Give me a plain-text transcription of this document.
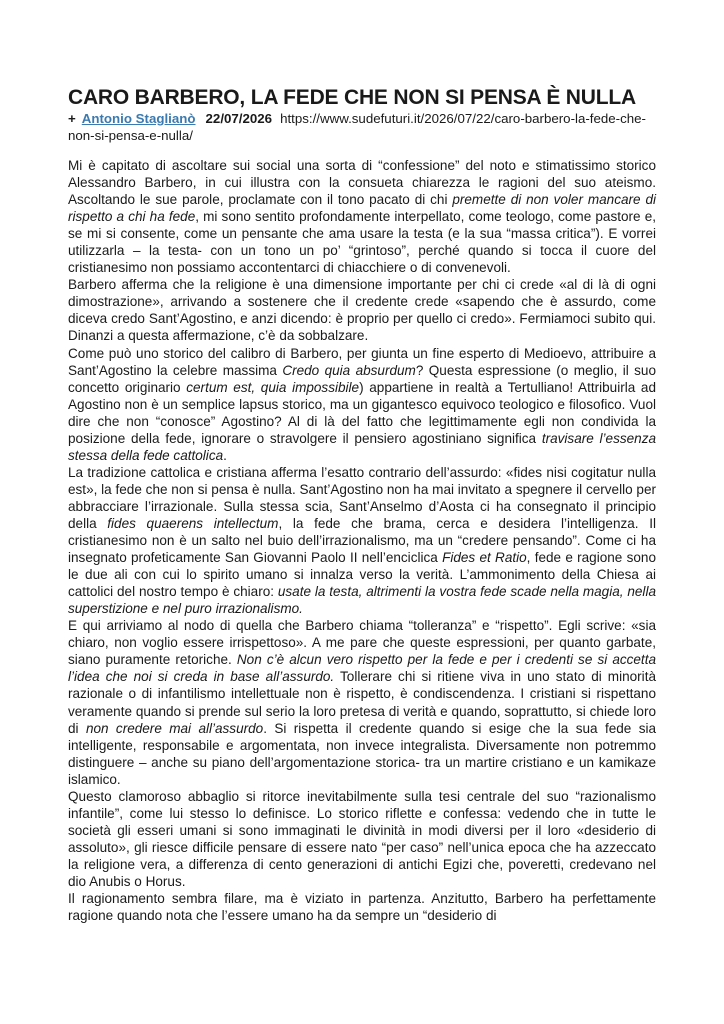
CARO BARBERO, LA FEDE CHE NON SI PENSA È NULLA
+ Antonio Staglianò 22/07/2026 https://www.sudefuturi.it/2026/07/22/caro-barbero-la-fede-che-non-si-pensa-e-nulla/

Mi è capitato di ascoltare sui social una sorta di “confessione” del noto e stimatissimo storico Alessandro Barbero, in cui illustra con la consueta chiarezza le ragioni del suo ateismo. Ascoltando le sue parole, proclamate con il tono pacato di chi premette di non voler mancare di rispetto a chi ha fede, mi sono sentito profondamente interpellato, come teologo, come pastore e, se mi si consente, come un pensante che ama usare la testa (e la sua “massa critica”). E vorrei utilizzarla – la testa- con un tono un po’ “grintoso”, perché quando si tocca il cuore del cristianesimo non possiamo accontentarci di chiacchiere o di convenevoli.

Barbero afferma che la religione è una dimensione importante per chi ci crede «al di là di ogni dimostrazione», arrivando a sostenere che il credente crede «sapendo che è assurdo, come diceva credo Sant’Agostino, e anzi dicendo: è proprio per quello ci credo». Fermiamoci subito qui. Dinanzi a questa affermazione, c’è da sobbalzare.

Come può uno storico del calibro di Barbero, per giunta un fine esperto di Medioevo, attribuire a Sant’Agostino la celebre massima Credo quia absurdum? Questa espressione (o meglio, il suo concetto originario certum est, quia impossibile) appartiene in realtà a Tertulliano! Attribuirla ad Agostino non è un semplice lapsus storico, ma un gigantesco equivoco teologico e filosofico. Vuol dire che non “conosce” Agostino? Al di là del fatto che legittimamente egli non condivida la posizione della fede, ignorare o stravolgere il pensiero agostiniano significa travisare l’essenza stessa della fede cattolica.

La tradizione cattolica e cristiana afferma l’esatto contrario dell’assurdo: «fides nisi cogitatur nulla est», la fede che non si pensa è nulla. Sant’Agostino non ha mai invitato a spegnere il cervello per abbracciare l’irrazionale. Sulla stessa scia, Sant’Anselmo d’Aosta ci ha consegnato il principio della fides quaerens intellectum, la fede che brama, cerca e desidera l’intelligenza. Il cristianesimo non è un salto nel buio dell’irrazionalismo, ma un “credere pensando”. Come ci ha insegnato profeticamente San Giovanni Paolo II nell’enciclica Fides et Ratio, fede e ragione sono le due ali con cui lo spirito umano si innalza verso la verità. L’ammonimento della Chiesa ai cattolici del nostro tempo è chiaro: usate la testa, altrimenti la vostra fede scade nella magia, nella superstizione e nel puro irrazionalismo.

E qui arriviamo al nodo di quella che Barbero chiama “tolleranza” e “rispetto”. Egli scrive: «sia chiaro, non voglio essere irrispettoso». A me pare che queste espressioni, per quanto garbate, siano puramente retoriche. Non c’è alcun vero rispetto per la fede e per i credenti se si accetta l’idea che noi si creda in base all’assurdo. Tollerare chi si ritiene viva in uno stato di minorità razionale o di infantilismo intellettuale non è rispetto, è condiscendenza. I cristiani si rispettano veramente quando si prende sul serio la loro pretesa di verità e quando, soprattutto, si chiede loro di non credere mai all’assurdo. Si rispetta il credente quando si esige che la sua fede sia intelligente, responsabile e argomentata, non invece integralista. Diversamente non potremmo distinguere – anche su piano dell’argomentazione storica- tra un martire cristiano e un kamikaze islamico.

Questo clamoroso abbaglio si ritorce inevitabilmente sulla tesi centrale del suo “razionalismo infantile”, come lui stesso lo definisce. Lo storico riflette e confessa: vedendo che in tutte le società gli esseri umani si sono immaginati le divinità in modi diversi per il loro «desiderio di assoluto», gli riesce difficile pensare di essere nato “per caso” nell’unica epoca che ha azzeccato la religione vera, a differenza di cento generazioni di antichi Egizi che, poveretti, credevano nel dio Anubis o Horus.

Il ragionamento sembra filare, ma è viziato in partenza. Anzitutto, Barbero ha perfettamente ragione quando nota che l’essere umano ha da sempre un “desiderio di
